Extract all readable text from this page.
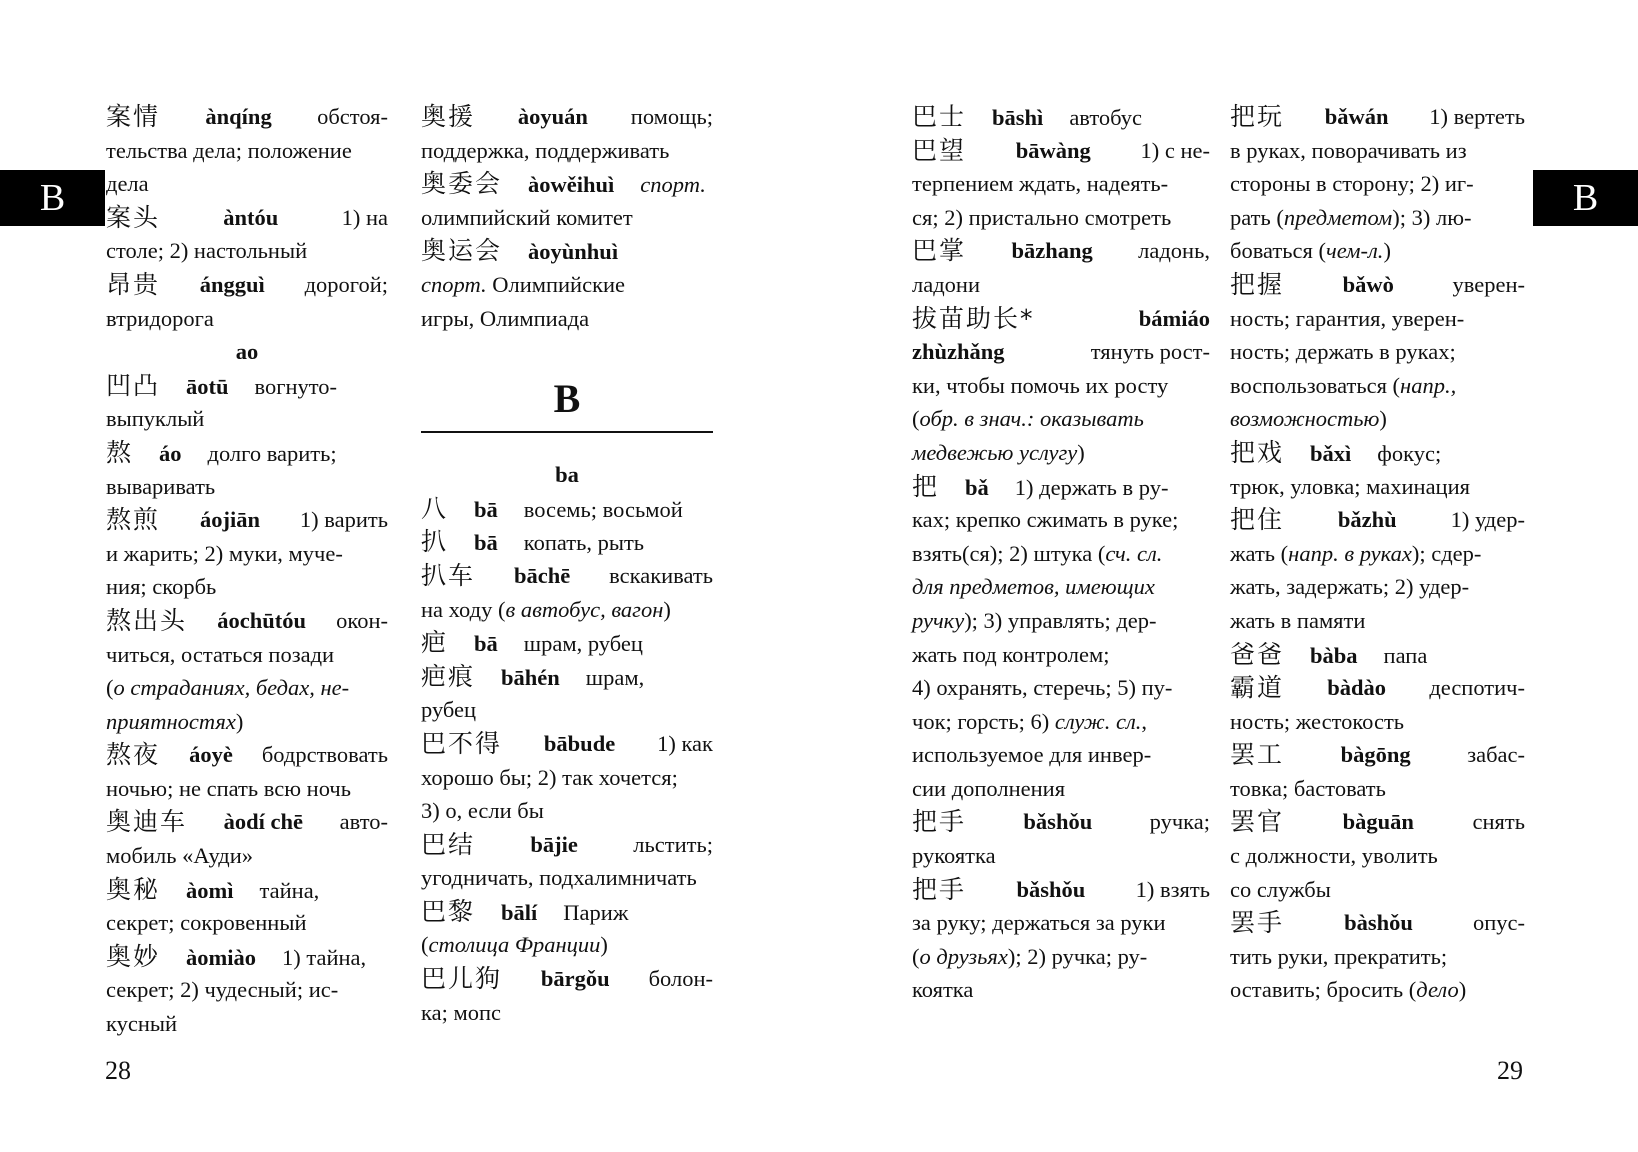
B	B
案情 ànqíng обстоя-
тельства дела; положение
дела
案头	àntóu	1) на
столе; 2) настольный
昂贵 ángguì дорогой;
втридорога
ao
凹凸 āotū вогнуто-
выпуклый
熬 áo долго варить;
вываривать
熬煎 áojiān 1) варить
и жарить; 2) муки, муче-
ния; скорбь
熬出头 áochūtóu окон-
читься, остаться позади
(о страданиях, бедах, не-
приятностях)
熬夜 áoyè бодрствовать
ночью; не спать всю ночь
奥迪车 àodí chē авто-
мобиль «Ауди»
奥秘 àomì тайна,
секрет; сокровенный
奥妙 àomiào 1) тайна,
секрет; 2) чудесный; ис-
кусный
奥援 àoyuán помощь;
поддержка, поддерживать
奥委会 àowěihuì спорт.
олимпийский комитет
奥运会 àoyùnhuì
спорт. Олимпийские
игры, Олимпиада
B
ba
八 bā восемь; восьмой
扒 bā копать, рыть
扒车 bāchē вскакивать
на ходу (в автобус, вагон)
疤 bā шрам, рубец
疤痕 bāhén шрам,
рубец
巴不得 bābude 1) как
хорошо бы; 2) так хочется;
3) о, если бы
巴结 bājie льстить;
угодничать, подхалимничать
巴黎 bālí Париж
(столица Франции)
巴儿狗 bārgǒu болон-
ка; мопс
巴士 bāshì автобус
巴望 bāwàng 1) с не-
терпением ждать, надеять-
ся; 2) пристально смотреть
巴掌 bāzhang ладонь,
ладони
拔苗助长*	bámiáo
zhùzhǎng	тянуть рост-
ки, чтобы помочь их росту
(обр. в знач.: оказывать
медвежью услугу)
把 bǎ 1) держать в ру-
ках; крепко сжимать в руке;
взять(ся); 2) штука (сч. сл.
для предметов, имеющих
ручку); 3) управлять; дер-
жать под контролем;
4) охранять, стеречь; 5) пу-
чок; горсть; 6) служ. сл.,
используемое для инвер-
сии дополнения
把手	bǎshǒu	ручка;
рукоятка
把手 bǎshǒu 1) взять
за руку; держаться за руки
(о друзьях); 2) ручка; ру-
коятка
把玩 bǎwán 1) вертеть
в руках, поворачивать из
стороны в сторону; 2) иг-
рать (предметом); 3) лю-
боваться (чем-л.)
把握	bǎwò	уверен-
ность; гарантия, уверен-
ность; держать в руках;
воспользоваться (напр.,
возможностью)
把戏 bǎxì фокус;
трюк, уловка; махинация
把住 bǎzhù 1) удер-
жать (напр. в руках); сдер-
жать, задержать; 2) удер-
жать в памяти
爸爸 bàba папа
霸道 bàdào деспотич-
ность; жестокость
罢工	bàgōng	забас-
товка; бастовать
罢官	bàguān	снять
с должности, уволить
со службы
罢手	bàshǒu	опус-
тить руки, прекратить;
оставить; бросить (дело)
28	29
